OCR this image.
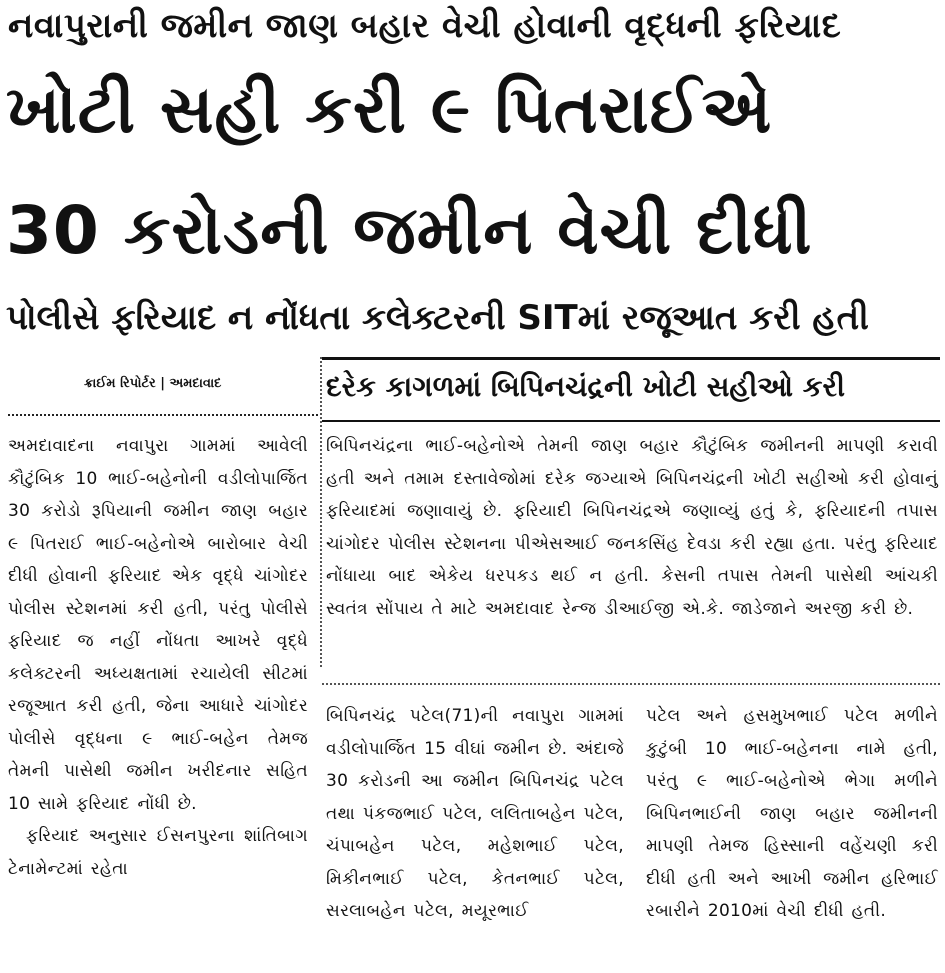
નવાપુરાની જમીન જાણ બહાર વેચી હોવાની વૃદ્ધની ફરિયાદ
ખોટી સહી કરી ૯ પિતરાઈએ
30 કરોડની જમીન વેચી દીધી
પોલીસે ફરિયાદ ન નોંધતા કલેક્ટરની SITમાં રજૂઆત કરી હતી
ક્રાઈમ રિપોર્ટર | અમદાવાદ	દરેક કાગળમાં બિપિનચંદ્રની ખોટી સહીઓ કરી

અમદાવાદના નવાપુરા ગામમાં આવેલી કૌટુંબિક 10 ભાઈ-બહેનોની વડીલોપાર્જિત 30 કરોડો રૂપિયાની જમીન જાણ બહાર ૯ પિતરાઈ ભાઈ-બહેનોએ બારોબાર વેચી દીધી હોવાની ફરિયાદ એક વૃદ્ધે ચાંગોદર પોલીસ સ્ટેશનમાં કરી હતી, પરંતુ પોલીસે ફરિયાદ જ નહીં નોંધતા આખરે વૃદ્ધે કલેક્ટરની અધ્યક્ષતામાં રચાયેલી સીટમાં રજૂઆત કરી હતી, જેના આધારે ચાંગોદર પોલીસે વૃદ્ધના ૯ ભાઈ-બહેન તેમજ તેમની પાસેથી જમીન ખરીદનાર સહિત 10 સામે ફરિયાદ નોંધી છે.

ફરિયાદ અનુસાર ઈસનપુરના શાંતિબાગ ટેનામેન્ટમાં રહેતા

બિપિનચંદ્રના ભાઈ-બહેનોએ તેમની જાણ બહાર કૌટુંબિક જમીનની માપણી કરાવી હતી અને તમામ દસ્તાવેજોમાં દરેક જગ્યાએ બિપિનચંદ્રની ખોટી સહીઓ કરી હોવાનું ફરિયાદમાં જણાવાયું છે. ફરિયાદી બિપિનચંદ્રએ જણાવ્યું હતું કે, ફરિયાદની તપાસ ચાંગોદર પોલીસ સ્ટેશનના પીએસઆઈ જનકસિંહ દેવડા કરી રહ્યા હતા. પરંતુ ફરિયાદ નોંધાયા બાદ એકેય ધરપકડ થઈ ન હતી. કેસની તપાસ તેમની પાસેથી આંચકી સ્વતંત્ર સોંપાય તે માટે અમદાવાદ રેન્જ ડીઆઈજી એ.કે. જાડેજાને અરજી કરી છે.

બિપિનચંદ્ર પટેલ(71)ની નવાપુરા ગામમાં વડીલોપાર્જિત 15 વીઘાં જમીન છે. અંદાજે 30 કરોડની આ જમીન બિપિનચંદ્ર પટેલ તથા પંકજભાઈ પટેલ, લલિતાબહેન પટેલ, ચંપાબહેન પટેલ, મહેશભાઈ પટેલ, મિકીનભાઈ પટેલ, કેતનભાઈ પટેલ, સરલાબહેન પટેલ, મયૂરભાઈ

પટેલ અને હસમુખભાઈ પટેલ મળીને કુટુંબી 10 ભાઈ-બહેનના નામે હતી, પરંતુ ૯ ભાઈ-બહેનોએ ભેગા મળીને બિપિનભાઈની જાણ બહાર જમીનની માપણી તેમજ હિસ્સાની વહેંચણી કરી દીધી હતી અને આખી જમીન હરિભાઈ રબારીને 2010માં વેચી દીધી હતી.
